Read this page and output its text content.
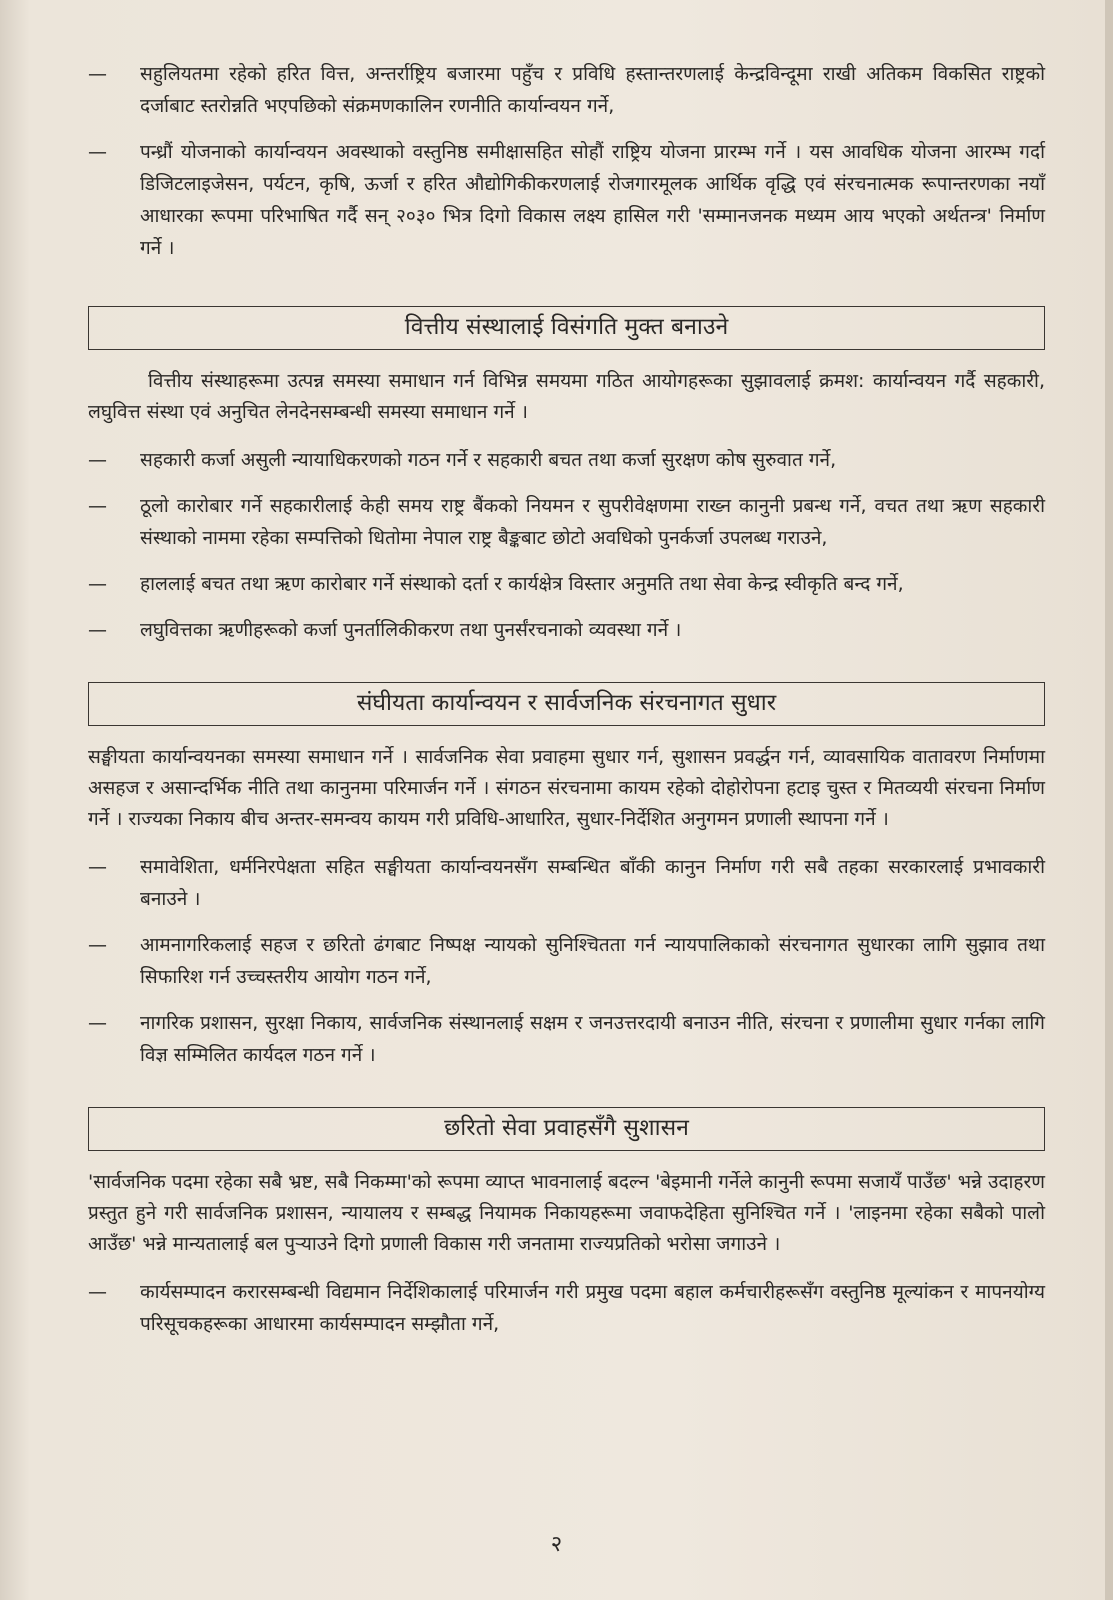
—	सहुलियतमा रहेको हरित वित्त, अन्तर्राष्ट्रिय बजारमा पहुँच र प्रविधि हस्तान्तरणलाई केन्द्रविन्दूमा राखी अतिकम विकसित राष्ट्रको दर्जाबाट स्तरोन्नति भएपछिको संक्रमणकालिन रणनीति कार्यान्वयन गर्ने,
—	पन्ध्रौं योजनाको कार्यान्वयन अवस्थाको वस्तुनिष्ठ समीक्षासहित सोहौं राष्ट्रिय योजना प्रारम्भ गर्ने । यस आवधिक योजना आरम्भ गर्दा डिजिटलाइजेसन, पर्यटन, कृषि, ऊर्जा र हरित औद्योगिकीकरणलाई रोजगारमूलक आर्थिक वृद्धि एवं संरचनात्मक रूपान्तरणका नयाँ आधारका रूपमा परिभाषित गर्दै सन् २०३० भित्र दिगो विकास लक्ष्य हासिल गरी 'सम्मानजनक मध्यम आय भएको अर्थतन्त्र' निर्माण गर्ने ।
वित्तीय संस्थालाई विसंगति मुक्त बनाउने

वित्तीय संस्थाहरूमा उत्पन्न समस्या समाधान गर्न विभिन्न समयमा गठित आयोगहरूका सुझावलाई क्रमश: कार्यान्वयन गर्दै सहकारी, लघुवित्त संस्था एवं अनुचित लेनदेनसम्बन्धी समस्या समाधान गर्ने ।

—	सहकारी कर्जा असुली न्यायाधिकरणको गठन गर्ने र सहकारी बचत तथा कर्जा सुरक्षण कोष सुरुवात गर्ने,
—	ठूलो कारोबार गर्ने सहकारीलाई केही समय राष्ट्र बैंकको नियमन र सुपरीवेक्षणमा राख्न कानुनी प्रबन्ध गर्ने, वचत तथा ऋण सहकारी संस्थाको नाममा रहेका सम्पत्तिको धितोमा नेपाल राष्ट्र बैङ्कबाट छोटो अवधिको पुनर्कर्जा उपलब्ध गराउने,
—	हाललाई बचत तथा ऋण कारोबार गर्ने संस्थाको दर्ता र कार्यक्षेत्र विस्तार अनुमति तथा सेवा केन्द्र स्वीकृति बन्द गर्ने,
—	लघुवित्तका ऋणीहरूको कर्जा पुनर्तालिकीकरण तथा पुनर्संरचनाको व्यवस्था गर्ने ।
संघीयता कार्यान्वयन र सार्वजनिक संरचनागत सुधार

सङ्घीयता कार्यान्वयनका समस्या समाधान गर्ने । सार्वजनिक सेवा प्रवाहमा सुधार गर्न, सुशासन प्रवर्द्धन गर्न, व्यावसायिक वातावरण निर्माणमा असहज र असान्दर्भिक नीति तथा कानुनमा परिमार्जन गर्ने । संगठन संरचनामा कायम रहेको दोहोरोपना हटाइ चुस्त र मितव्ययी संरचना निर्माण गर्ने । राज्यका निकाय बीच अन्तर-समन्वय कायम गरी प्रविधि-आधारित, सुधार-निर्देशित अनुगमन प्रणाली स्थापना गर्ने ।

—	समावेशिता, धर्मनिरपेक्षता सहित सङ्घीयता कार्यान्वयनसँग सम्बन्धित बाँकी कानुन निर्माण गरी सबै तहका सरकारलाई प्रभावकारी बनाउने ।
—	आमनागरिकलाई सहज र छरितो ढंगबाट निष्पक्ष न्यायको सुनिश्चितता गर्न न्यायपालिकाको संरचनागत सुधारका लागि सुझाव तथा सिफारिश गर्न उच्चस्तरीय आयोग गठन गर्ने,
—	नागरिक प्रशासन, सुरक्षा निकाय, सार्वजनिक संस्थानलाई सक्षम र जनउत्तरदायी बनाउन नीति, संरचना र प्रणालीमा सुधार गर्नका लागि विज्ञ सम्मिलित कार्यदल गठन गर्ने ।
छरितो सेवा प्रवाहसँगै सुशासन

'सार्वजनिक पदमा रहेका सबै भ्रष्ट, सबै निकम्मा'को रूपमा व्याप्त भावनालाई बदल्न 'बेइमानी गर्नेले कानुनी रूपमा सजायँ पाउँछ' भन्ने उदाहरण प्रस्तुत हुने गरी सार्वजनिक प्रशासन, न्यायालय र सम्बद्ध नियामक निकायहरूमा जवाफदेहिता सुनिश्चित गर्ने । 'लाइनमा रहेका सबैको पालो आउँछ' भन्ने मान्यतालाई बल पुर्‍याउने दिगो प्रणाली विकास गरी जनतामा राज्यप्रतिको भरोसा जगाउने ।

—	कार्यसम्पादन करारसम्बन्धी विद्यमान निर्देशिकालाई परिमार्जन गरी प्रमुख पदमा बहाल कर्मचारीहरूसँग वस्तुनिष्ठ मूल्यांकन र मापनयोग्य परिसूचकहरूका आधारमा कार्यसम्पादन सम्झौता गर्ने,
२
